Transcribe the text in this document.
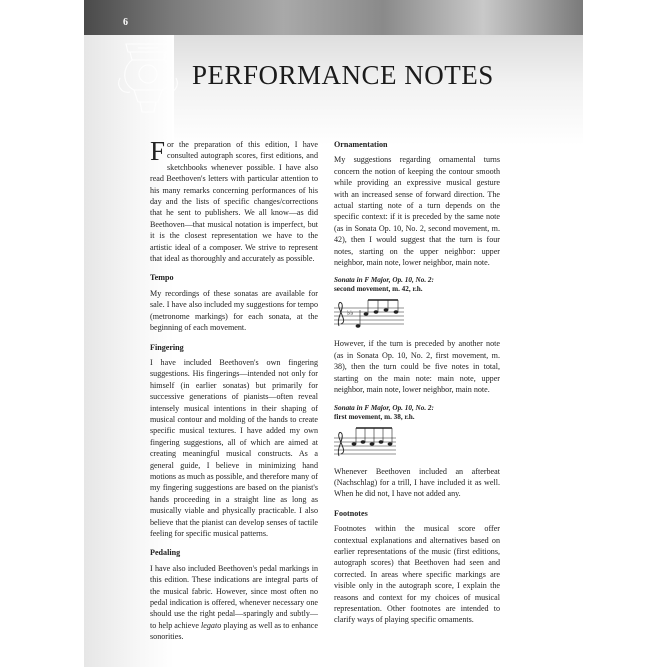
6
PERFORMANCE NOTES

For the preparation of this edition, I have consulted autograph scores, first editions, and sketchbooks whenever possible. I have also read Beethoven's letters with particular attention to his many remarks concerning performances of his day and the lists of specific changes/corrections that he sent to publishers. We all know—as did Beethoven—that musical notation is imperfect, but it is the closest representation we have to the artistic ideal of a composer. We strive to represent that ideal as thoroughly and accurately as possible.

Tempo

My recordings of these sonatas are available for sale. I have also included my suggestions for tempo (metronome markings) for each sonata, at the beginning of each movement.

Fingering

I have included Beethoven's own fingering suggestions. His fingerings—intended not only for himself (in earlier sonatas) but primarily for successive generations of pianists—often reveal intensely musical intentions in their shaping of musical contour and molding of the hands to create specific musical textures. I have added my own fingering suggestions, all of which are aimed at creating meaningful musical constructs. As a general guide, I believe in minimizing hand motions as much as possible, and therefore many of my fingering suggestions are based on the pianist's hands proceeding in a straight line as long as musically viable and physically practicable. I also believe that the pianist can develop senses of tactile feeling for specific musical patterns.

Pedaling

I have also included Beethoven's pedal markings in this edition. These indications are integral parts of the musical fabric. However, since most often no pedal indication is offered, whenever necessary one should use the right pedal—sparingly and subtly—to help achieve legato playing as well as to enhance sonorities.

Ornamentation

My suggestions regarding ornamental turns concern the notion of keeping the contour smooth while providing an expressive musical gesture with an increased sense of forward direction. The actual starting note of a turn depends on the specific context: if it is preceded by the same note (as in Sonata Op. 10, No. 2, second movement, m. 42), then I would suggest that the turn is four notes, starting on the upper neighbor: upper neighbor, main note, lower neighbor, main note.

Sonata in F Major, Op. 10, No. 2:
second movement, m. 42, r.h.
♭♭

However, if the turn is preceded by another note (as in Sonata Op. 10, No. 2, first movement, m. 38), then the turn could be five notes in total, starting on the main note: main note, upper neighbor, main note, lower neighbor, main note.

Sonata in F Major, Op. 10, No. 2:
first movement, m. 38, r.h.

Whenever Beethoven included an afterbeat (Nachschlag) for a trill, I have included it as well. When he did not, I have not added any.

Footnotes

Footnotes within the musical score offer contextual explanations and alternatives based on earlier representations of the music (first editions, autograph scores) that Beethoven had seen and corrected. In areas where specific markings are visible only in the autograph score, I explain the reasons and context for my choices of musical representation. Other footnotes are intended to clarify ways of playing specific ornaments.
